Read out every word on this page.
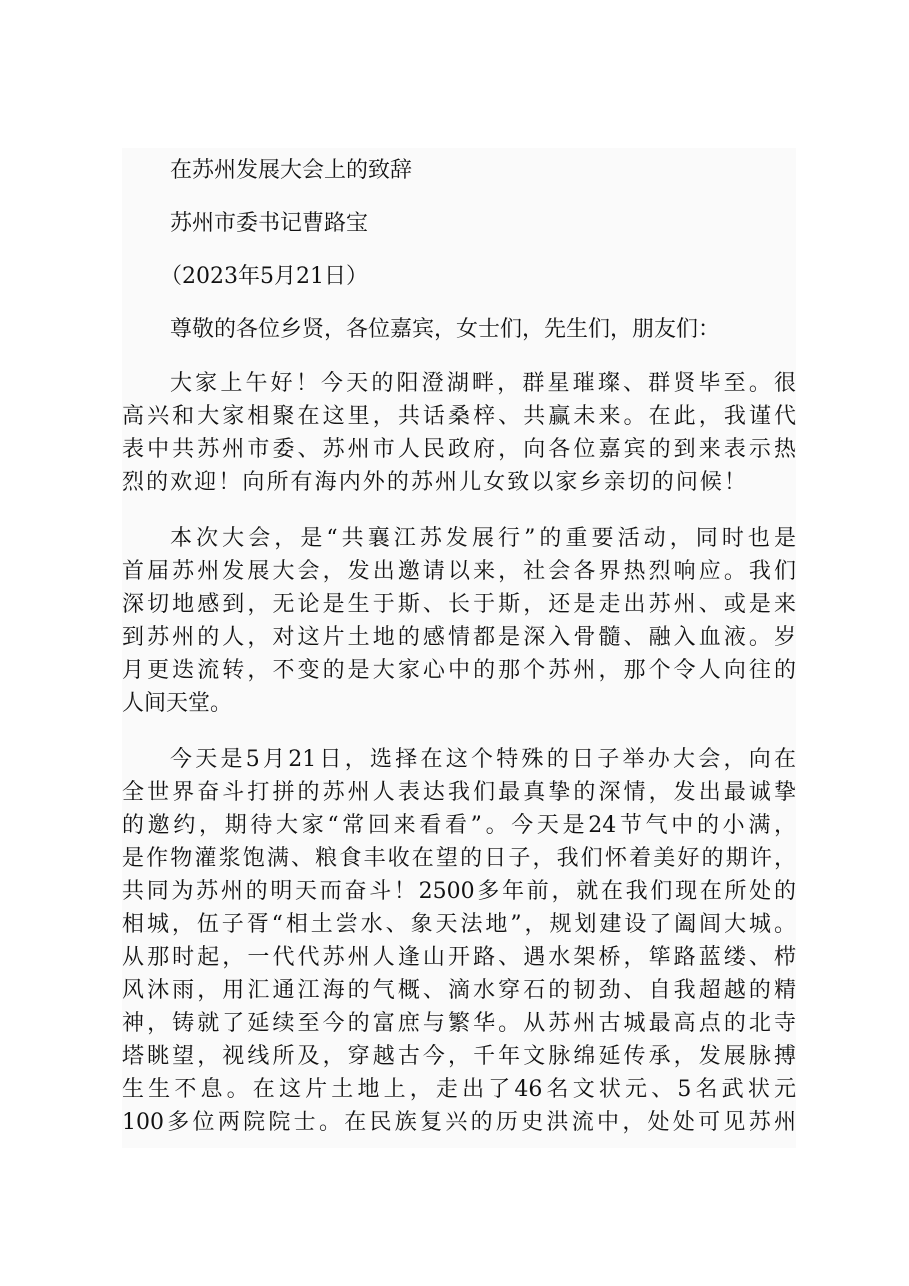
在苏州发展大会上的致辞
苏州市委书记曹路宝
（2023年5月21日）
尊敬的各位乡贤，各位嘉宾，女士们，先生们，朋友们：
大家上午好！今天的阳澄湖畔，群星璀璨、群贤毕至。很
高兴和大家相聚在这里，共话桑梓、共赢未来。在此，我谨代
表中共苏州市委、苏州市人民政府，向各位嘉宾的到来表示热
烈的欢迎！向所有海内外的苏州儿女致以家乡亲切的问候！
本次大会，是“共襄江苏发展行”的重要活动，同时也是
首届苏州发展大会，发出邀请以来，社会各界热烈响应。我们
深切地感到，无论是生于斯、长于斯，还是走出苏州、或是来
到苏州的人，对这片土地的感情都是深入骨髓、融入血液。岁
月更迭流转，不变的是大家心中的那个苏州，那个令人向往的
人间天堂。
今天是5月21日，选择在这个特殊的日子举办大会，向在
全世界奋斗打拼的苏州人表达我们最真挚的深情，发出最诚挚
的邀约，期待大家“常回来看看”。今天是24节气中的小满，
是作物灌浆饱满、粮食丰收在望的日子，我们怀着美好的期许，
共同为苏州的明天而奋斗！2500多年前，就在我们现在所处的
相城，伍子胥“相土尝水、象天法地”，规划建设了阖闾大城。
从那时起，一代代苏州人逢山开路、遇水架桥，筚路蓝缕、栉
风沐雨，用汇通江海的气概、滴水穿石的韧劲、自我超越的精
神，铸就了延续至今的富庶与繁华。从苏州古城最高点的北寺
塔眺望，视线所及，穿越古今，千年文脉绵延传承，发展脉搏
生生不息。在这片土地上，走出了46名文状元、5名武状元
100多位两院院士。在民族复兴的历史洪流中，处处可见苏州
